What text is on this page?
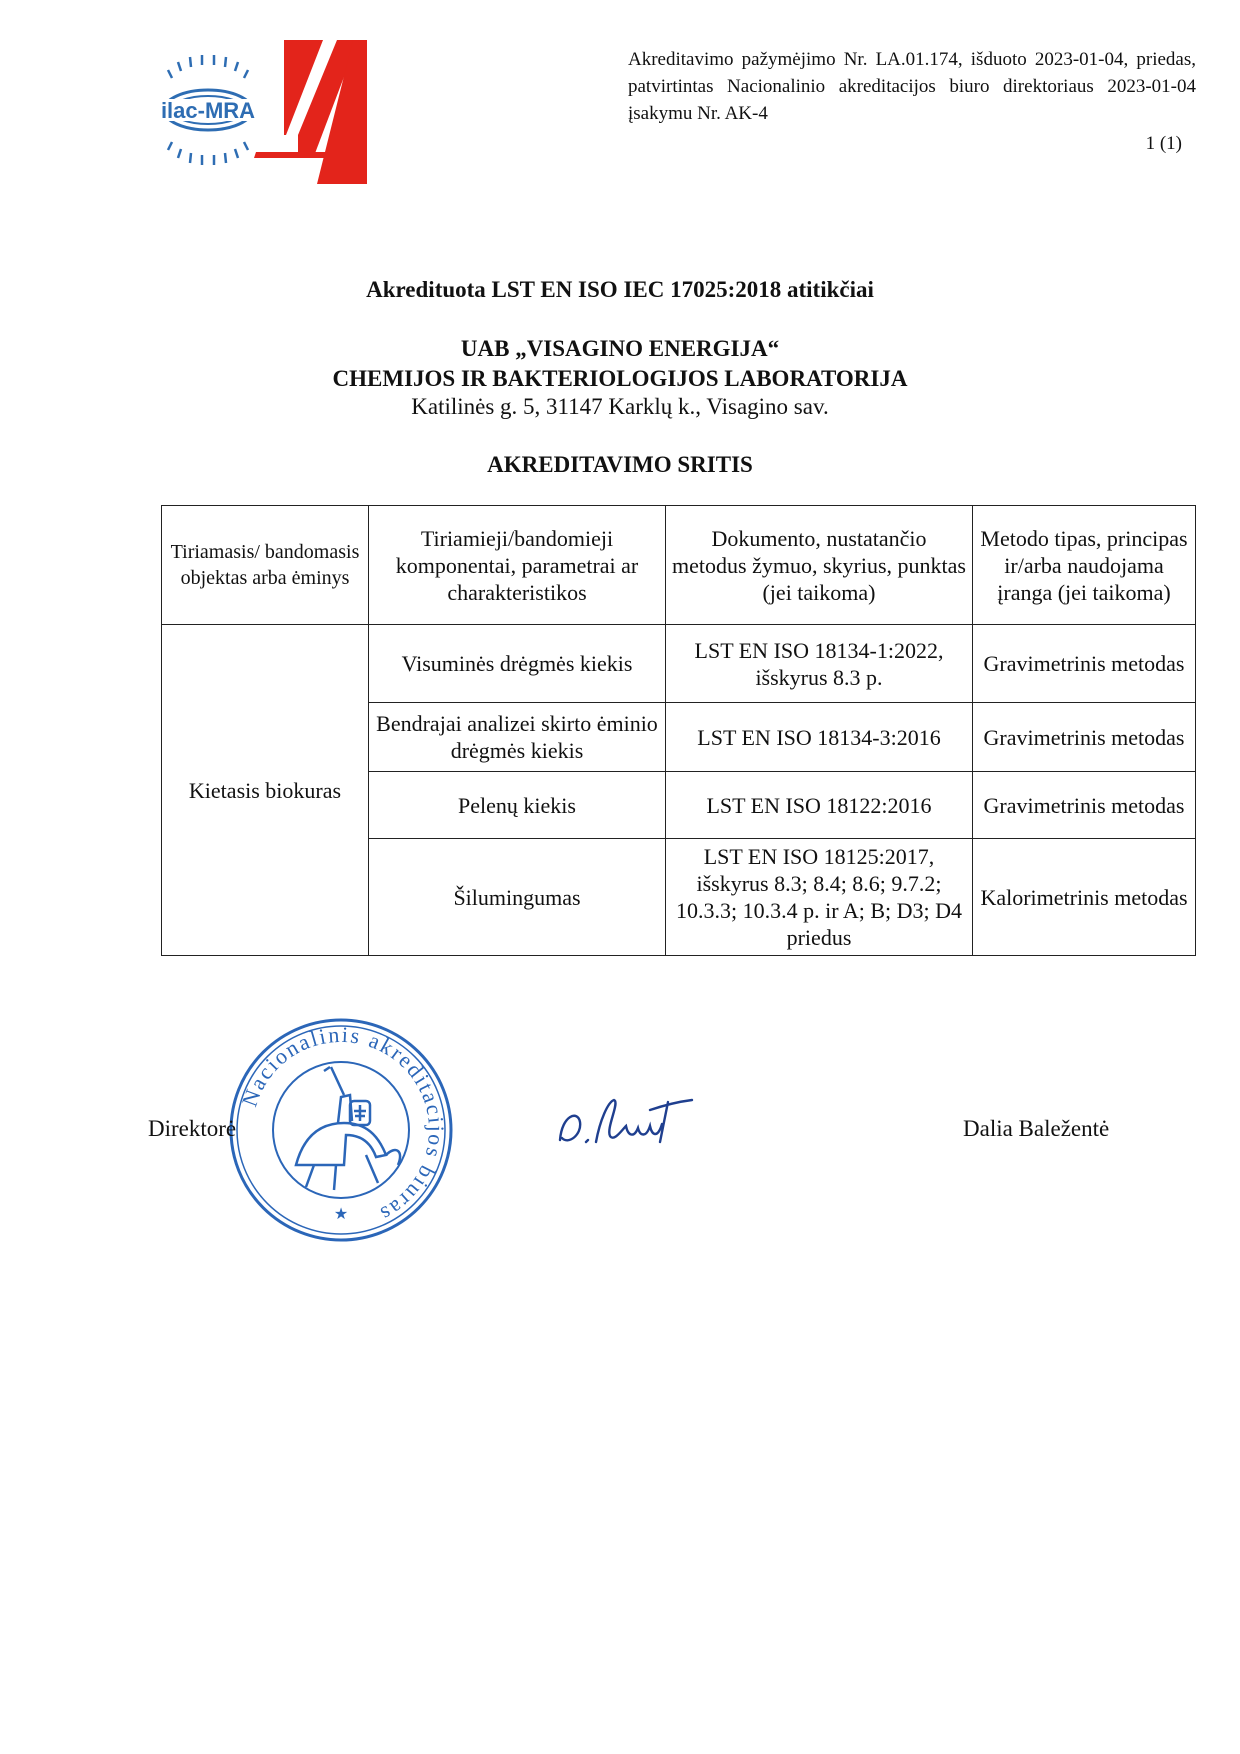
ilac-MRA
Akreditavimo pažymėjimo Nr. LA.01.174, išduoto 2023-01-04, priedas, patvirtintas Nacionalinio akreditacijos biuro direktoriaus 2023-01-04 įsakymu Nr. AK-4
1 (1)
Akredituota LST EN ISO IEC 17025:2018 atitikčiai
UAB „VISAGINO ENERGIJA“
CHEMIJOS IR BAKTERIOLOGIJOS LABORATORIJA
Katilinės g. 5, 31147 Karklų k., Visagino sav.
AKREDITAVIMO SRITIS
Tiriamasis/ bandomasis objektas arba ėminys	Tiriamieji/bandomieji komponentai, parametrai ar charakteristikos	Dokumento, nustatančio metodus žymuo, skyrius, punktas (jei taikoma)	Metodo tipas, principas ir/arba naudojama įranga (jei taikoma)
Kietasis biokuras	Visuminės drėgmės kiekis	LST EN ISO 18134-1:2022, išskyrus 8.3 p.	Gravimetrinis metodas
	Bendrajai analizei skirto ėminio drėgmės kiekis	LST EN ISO 18134-3:2016	Gravimetrinis metodas
	Pelenų kiekis	LST EN ISO 18122:2016	Gravimetrinis metodas
	Šilumingumas	LST EN ISO 18125:2017, išskyrus 8.3; 8.4; 8.6; 9.7.2; 10.3.3; 10.3.4 p. ir A; B; D3; D4 priedus	Kalorimetrinis metodas
Nacionalinis akreditacijos biuras
★
Direktorė	Dalia Baležentė
